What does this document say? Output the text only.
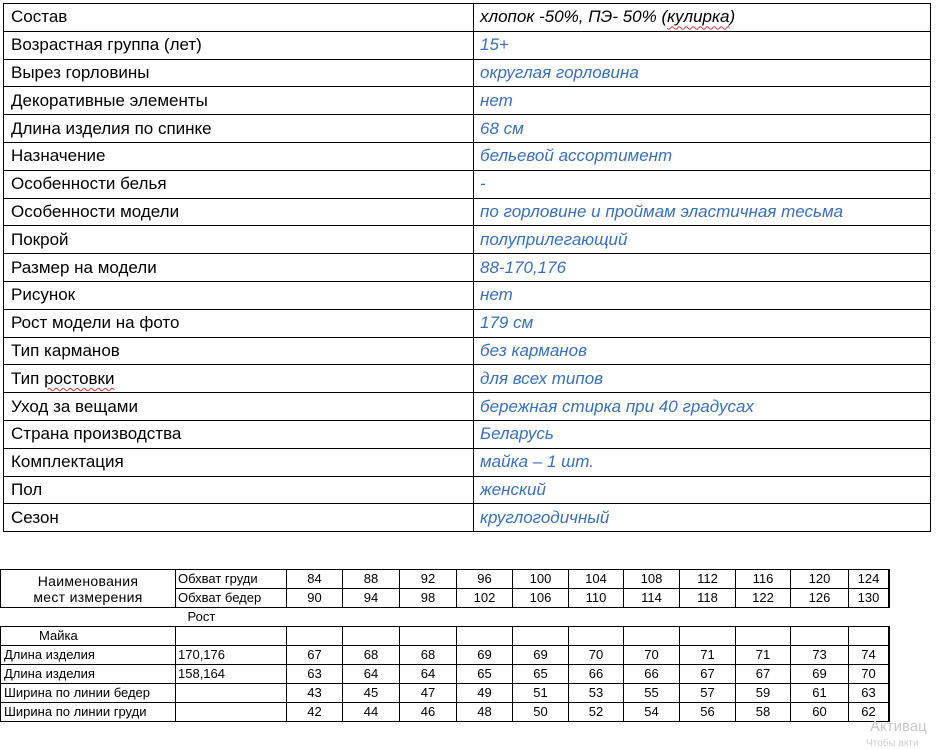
Состав	хлопок -50%, ПЭ- 50% (кулирка)
Возрастная группа (лет)	15+
Вырез горловины	округлая горловина
Декоративные элементы	нет
Длина изделия по спинке	68 см
Назначение	бельевой ассортимент
Особенности белья	-
Особенности модели	по горловине и проймам эластичная тесьма
Покрой	полуприлегающий
Размер на модели	88-170,176
Рисунок	нет
Рост модели на фото	179 см
Тип карманов	без карманов
Тип ростовки	для всех типов
Уход за вещами	бережная стирка при 40 градусах
Страна производства	Беларусь
Комплектация	майка – 1 шт.
Пол	женский
Сезон	круглогодичный
Наименования
мест измерения	Обхват груди	84	88	92	96	100	104	108	112	116	120	124	
	Обхват бедер	90	94	98	102	106	110	114	118	122	126	130	
	Рост												
Майка													
Длина изделия	170,176	67	68	68	69	69	70	70	71	71	73	74	
Длина изделия	158,164	63	64	64	65	65	66	66	67	67	69	70	
Ширина по линии бедер		43	45	47	49	51	53	55	57	59	61	63	
Ширина по линии груди		42	44	46	48	50	52	54	56	58	60	62	
Активац
Чтобы акти
